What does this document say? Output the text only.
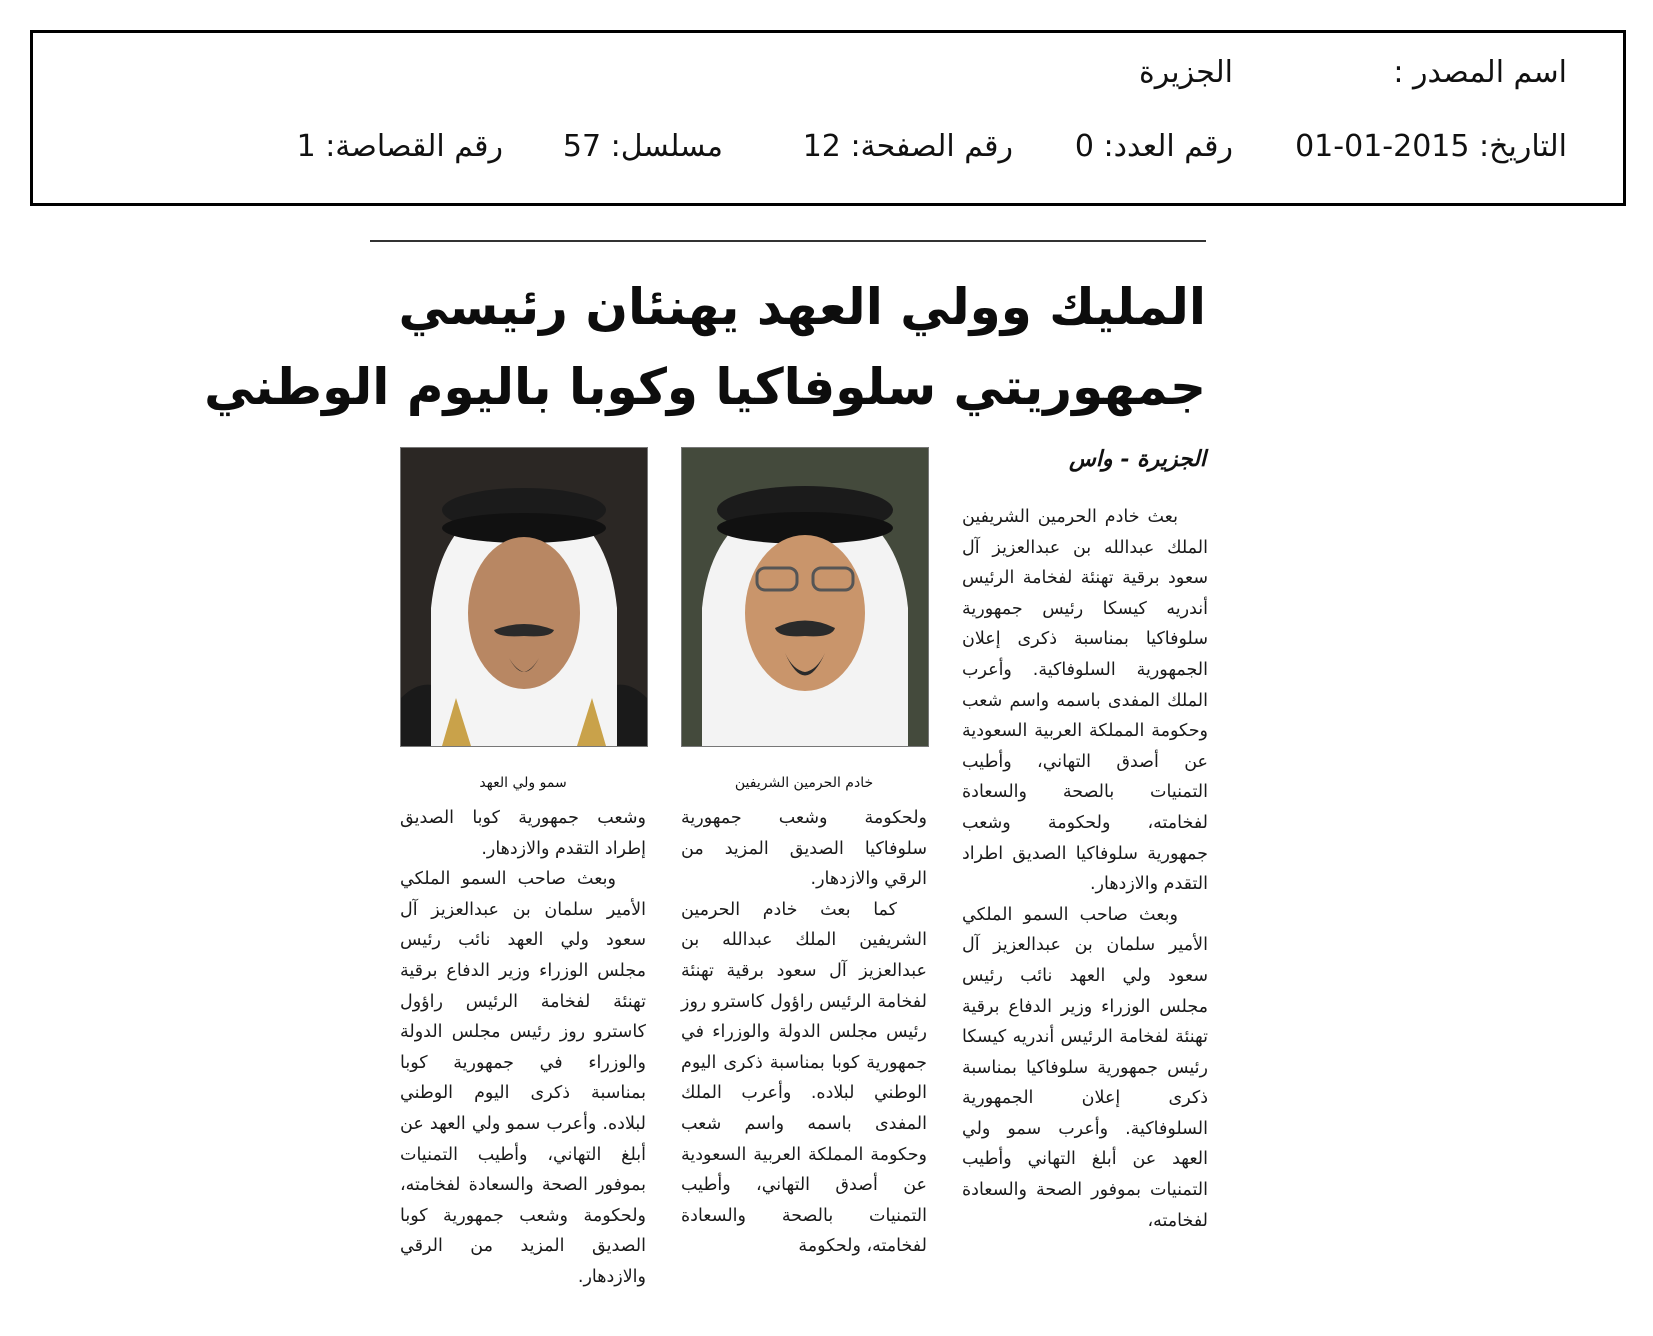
اسم المصدر :
الجزيرة
التاريخ: 2015-01-01
رقم العدد: 0
رقم الصفحة: 12
مسلسل: 57
رقم القصاصة: 1
المليك وولي العهد يهنئان رئيسي
جمهوريتي سلوفاكيا وكوبا باليوم الوطني
الجزيرة - واس
خادم الحرمين الشريفين
سمو ولي العهد

بعث خادم الحرمين الشريفين الملك عبدالله بن عبدالعزيز آل سعود برقية تهنئة لفخامة الرئيس أندريه كيسكا رئيس جمهورية سلوفاكيا بمناسبة ذكرى إعلان الجمهورية السلوفاكية. وأعرب الملك المفدى باسمه واسم شعب وحكومة المملكة العربية السعودية عن أصدق التهاني، وأطيب التمنيات بالصحة والسعادة لفخامته، ولحكومة وشعب جمهورية سلوفاكيا الصديق اطراد التقدم والازدهار.

وبعث صاحب السمو الملكي الأمير سلمان بن عبدالعزيز آل سعود ولي العهد نائب رئيس مجلس الوزراء وزير الدفاع برقية تهنئة لفخامة الرئيس أندريه كيسكا رئيس جمهورية سلوفاكيا بمناسبة ذكرى إعلان الجمهورية السلوفاكية. وأعرب سمو ولي العهد عن أبلغ التهاني وأطيب التمنيات بموفور الصحة والسعادة لفخامته،

ولحكومة وشعب جمهورية سلوفاكيا الصديق المزيد من الرقي والازدهار.

كما بعث خادم الحرمين الشريفين الملك عبدالله بن عبدالعزيز آل سعود برقية تهنئة لفخامة الرئيس راؤول كاسترو روز رئيس مجلس الدولة والوزراء في جمهورية كوبا بمناسبة ذكرى اليوم الوطني لبلاده. وأعرب الملك المفدى باسمه واسم شعب وحكومة المملكة العربية السعودية عن أصدق التهاني، وأطيب التمنيات بالصحة والسعادة لفخامته، ولحكومة

وشعب جمهورية كوبا الصديق إطراد التقدم والازدهار.

وبعث صاحب السمو الملكي الأمير سلمان بن عبدالعزيز آل سعود ولي العهد نائب رئيس مجلس الوزراء وزير الدفاع برقية تهنئة لفخامة الرئيس راؤول كاسترو روز رئيس مجلس الدولة والوزراء في جمهورية كوبا بمناسبة ذكرى اليوم الوطني لبلاده. وأعرب سمو ولي العهد عن أبلغ التهاني، وأطيب التمنيات بموفور الصحة والسعادة لفخامته، ولحكومة وشعب جمهورية كوبا الصديق المزيد من الرقي والازدهار.
